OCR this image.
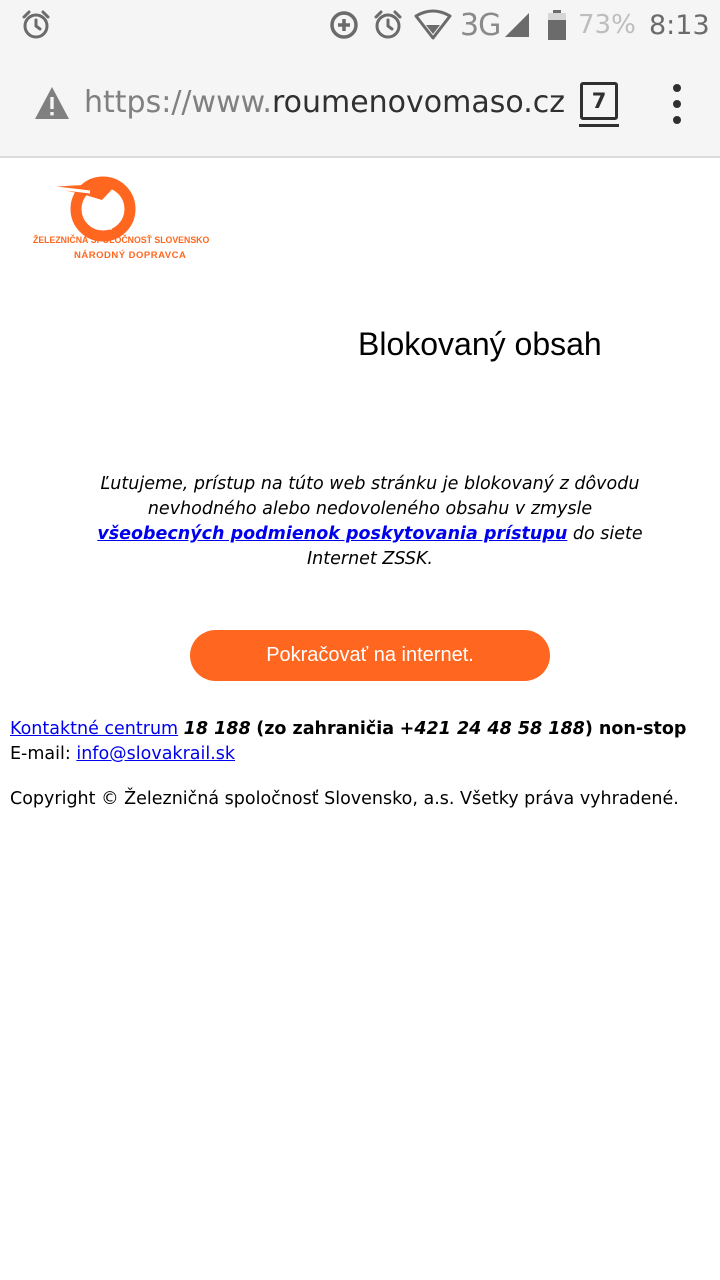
3G	73% 8:13
https://www.roumenovomaso.cz	7
ŽELEZNIČNÁ SPOLOČNOSŤ SLOVENSKO
NÁRODNÝ DOPRAVCA
Blokovaný obsah
Ľutujeme, prístup na túto web stránku je blokovaný z dôvodu nevhodného alebo nedovoleného obsahu v zmysle všeobecných podmienok poskytovania prístupu do siete Internet ZSSK.
Pokračovať na internet.
Kontaktné centrum 18 188 (zo zahraničia +421 24 48 58 188) non-stop
E-mail: info@slovakrail.sk
Copyright © Železničná spoločnosť Slovensko, a.s. Všetky práva vyhradené.
